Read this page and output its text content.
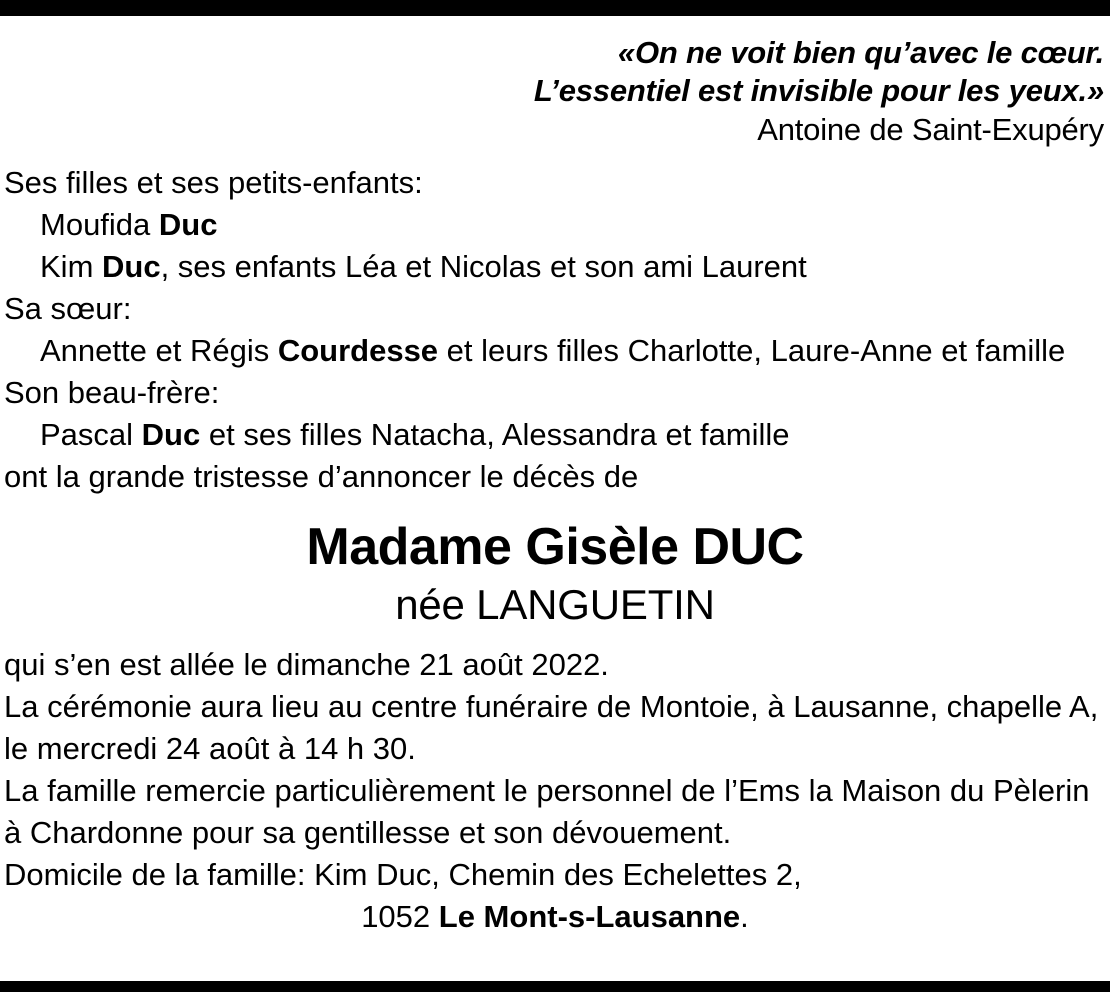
«On ne voit bien qu’avec le cœur.
L’essentiel est invisible pour les yeux.»
Antoine de Saint-Exupéry
Ses filles et ses petits-enfants:
Moufida Duc
Kim Duc, ses enfants Léa et Nicolas et son ami Laurent
Sa sœur:
Annette et Régis Courdesse et leurs filles Charlotte, Laure-Anne et famille
Son beau-frère:
Pascal Duc et ses filles Natacha, Alessandra et famille
ont la grande tristesse d’annoncer le décès de
Madame Gisèle DUC
née LANGUETIN
qui s’en est allée le dimanche 21 août 2022.
La cérémonie aura lieu au centre funéraire de Montoie, à Lausanne, chapelle A,
le mercredi 24 août à 14 h 30.
La famille remercie particulièrement le personnel de l’Ems la Maison du Pèlerin
à Chardonne pour sa gentillesse et son dévouement.
Domicile de la famille: Kim Duc, Chemin des Echelettes 2,
1052 Le Mont-s-Lausanne.
